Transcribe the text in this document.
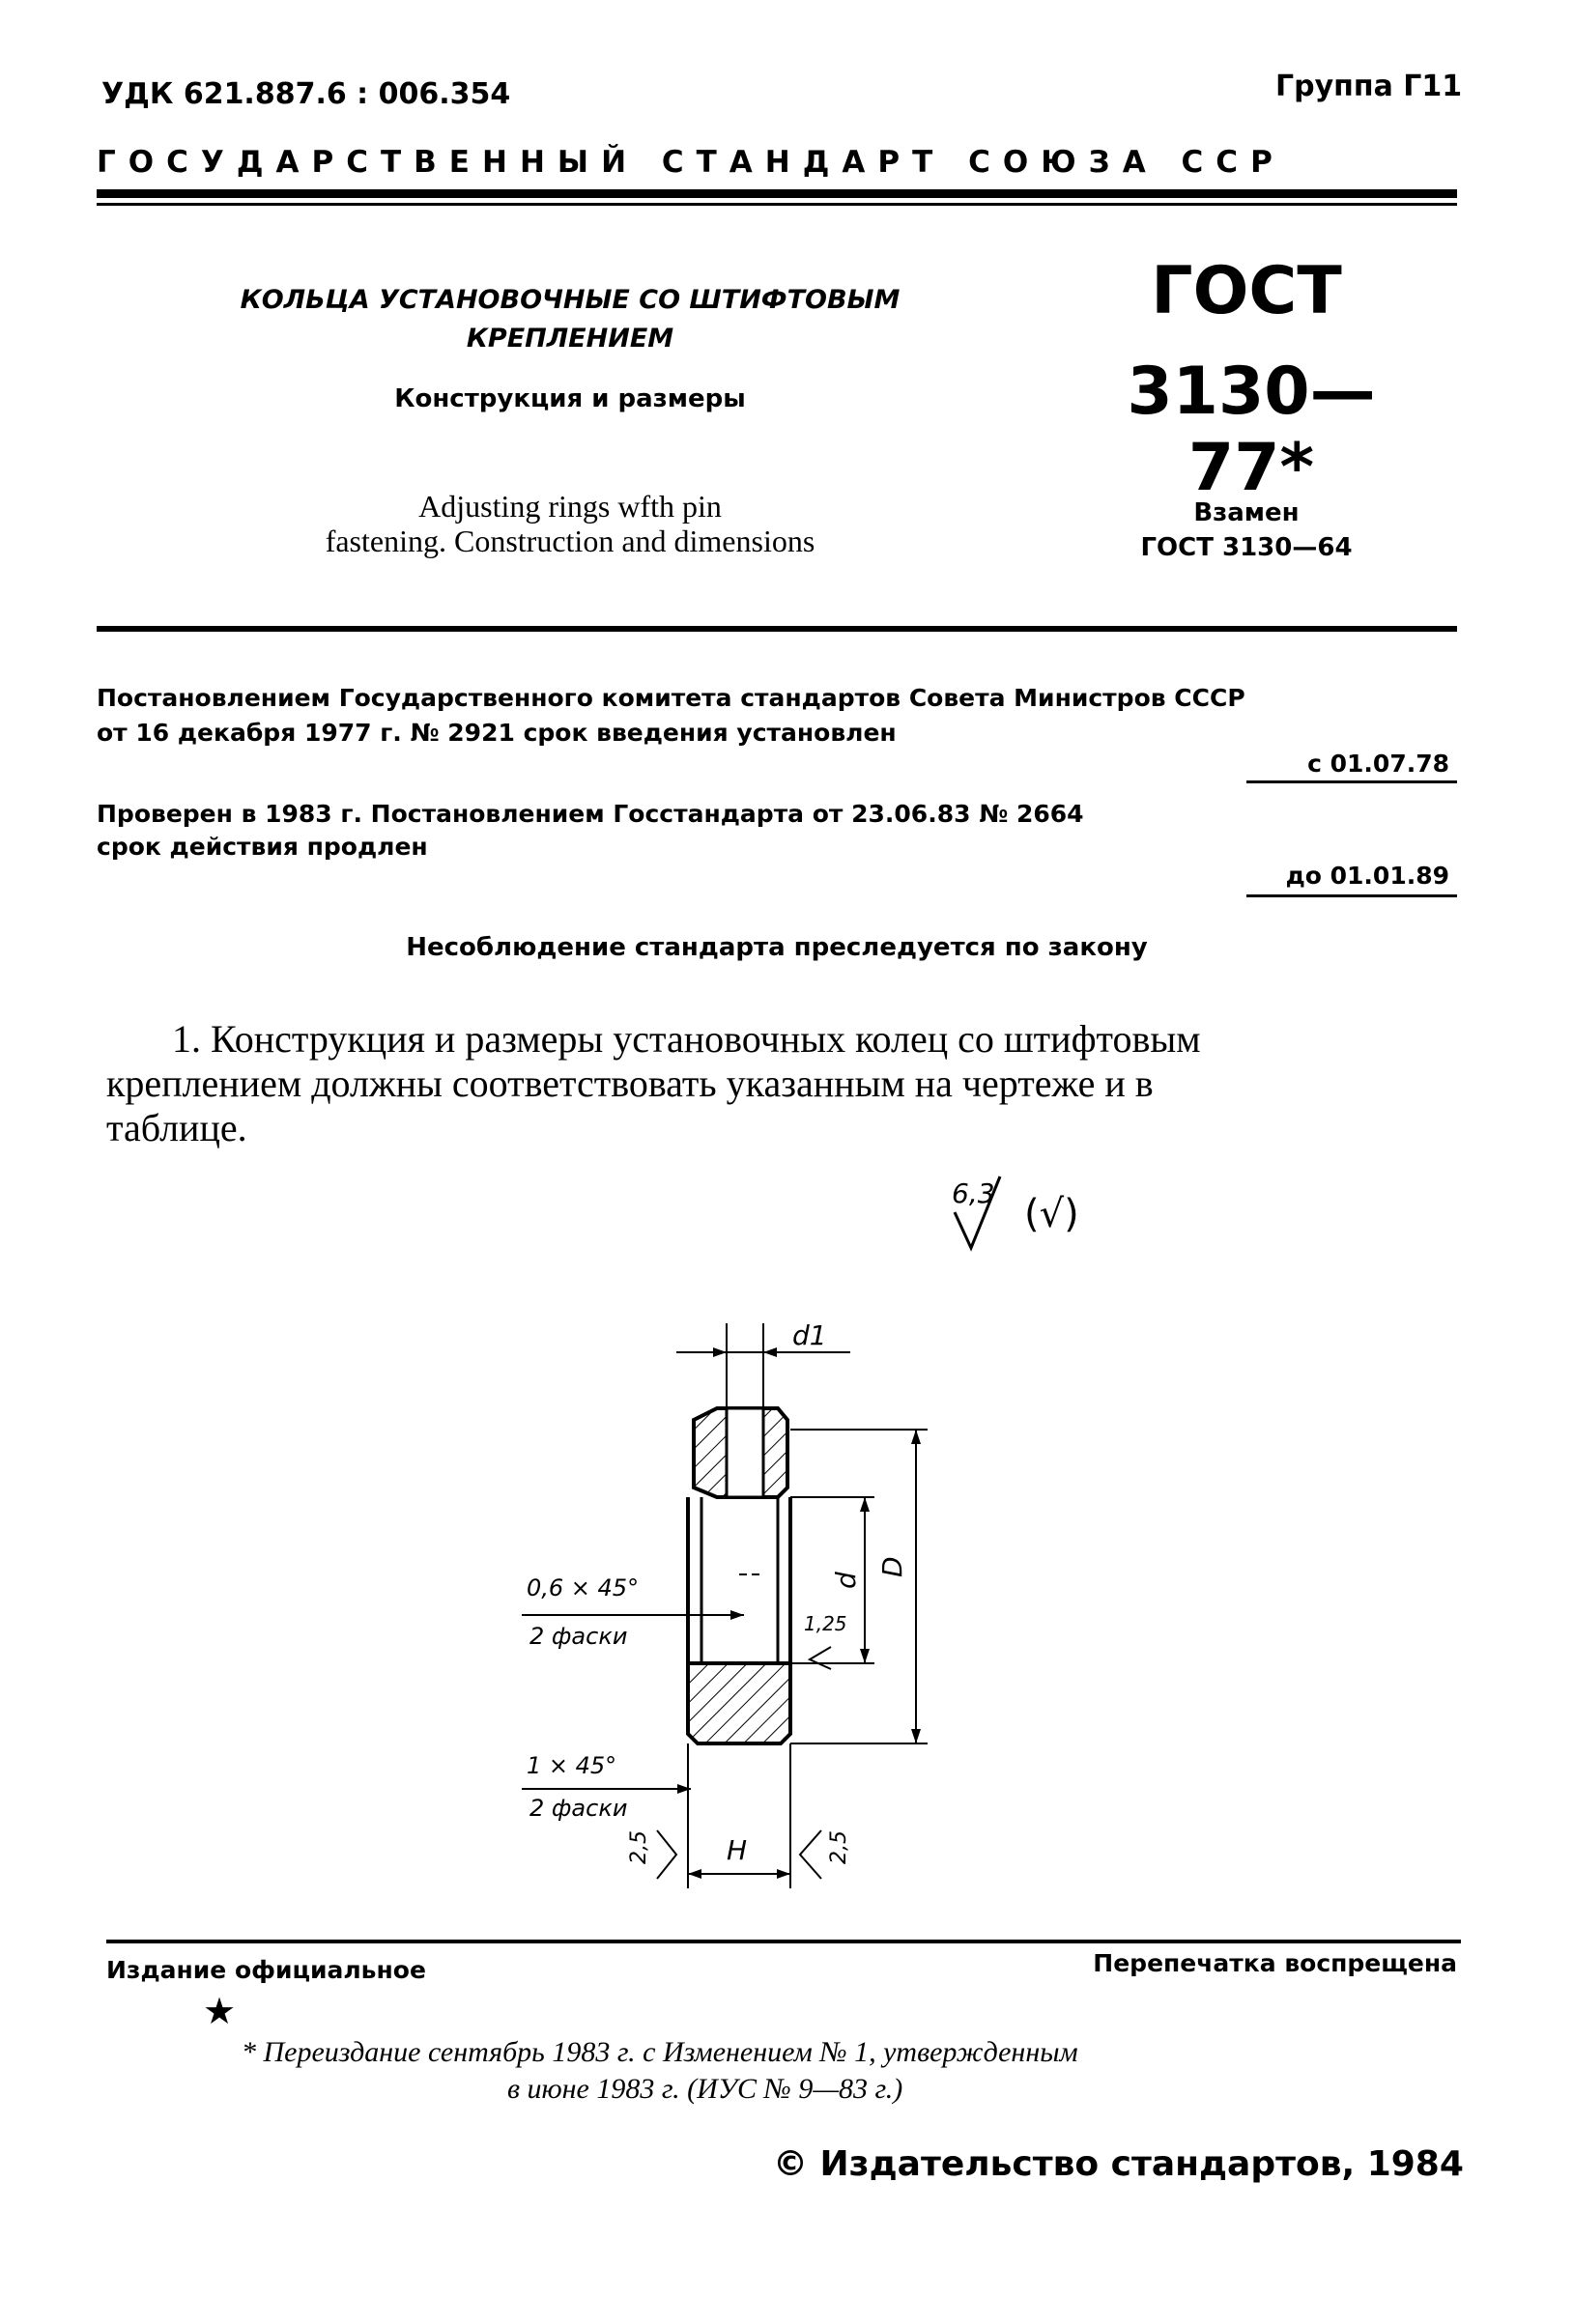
УДК 621.887.6 : 006.354	Группа Г11
ГОСУДАРСТВЕННЫЙ СТАНДАРТ СОЮЗА ССР
КОЛЬЦА УСТАНОВОЧНЫЕ СО ШТИФТОВЫМ
КРЕПЛЕНИЕМ
Конструкция и размеры
Adjusting rings wfth pin
fastening. Construction and dimensions
ГОСТ
3130—77*
Взамен
ГОСТ 3130—64
Постановлением Государственного комитета стандартов Совета Министров СССР
от 16 декабря 1977 г. № 2921 срок введения установлен
с 01.07.78
Проверен в 1983 г. Постановлением Госстандарта от 23.06.83 № 2664
срок действия продлен
до 01.01.89
Несоблюдение стандарта преследуется по закону
1. Конструкция и размеры установочных колец со штифтовым
креплением должны соответствовать указанным на чертеже и в
таблице.
6,3 (√)
d1
d
D
1,25
0,6 × 45°
2 фаски
1 × 45°
2 фаски
H
2,5	2,5
Издание официальное	Перепечатка воспрещена
★
* Переиздание сентябрь 1983 г. с Изменением № 1, утвержденным
в июне 1983 г. (ИУС № 9—83 г.)
© Издательство стандартов, 1984
